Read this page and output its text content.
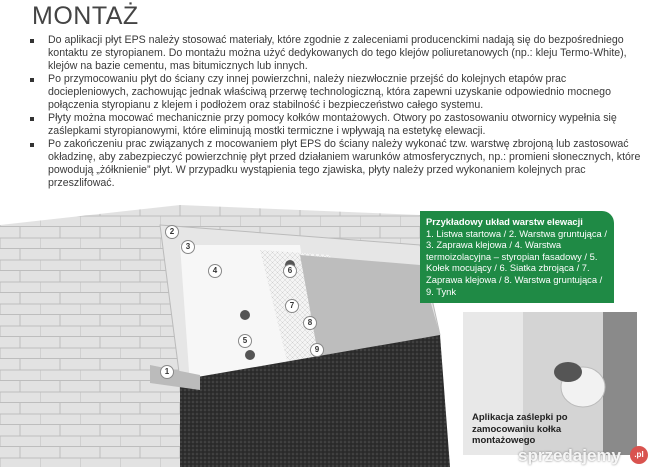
MONTAŻ
Do aplikacji płyt EPS należy stosować materiały, które zgodnie z zaleceniami producenckimi nadają się do bezpośredniego kontaktu ze styropianem. Do montażu można użyć dedykowanych do tego klejów poliuretanowych (np.: kleju Termo-White), klejów na bazie cementu, mas bitumicznych lub innych.
Po przymocowaniu płyt do ściany czy innej powierzchni, należy niezwłocznie przejść do kolejnych etapów prac dociepleniowych, zachowując jednak właściwą przerwę technologiczną, która zapewni uzyskanie odpowiednio mocnego połączenia styropianu z klejem i podłożem oraz stabilność i bezpieczeństwo całego systemu.
Płyty można mocować mechanicznie przy pomocy kołków montażowych. Otwory po zastosowaniu otwornicy wypełnia się zaślepkami styropianowymi, które eliminują mostki termiczne i wpływają na estetykę elewacji.
Po zakończeniu prac związanych z mocowaniem płyt EPS do ściany należy wykonać tzw. warstwę zbrojoną lub zastosować okładzinę, aby zabezpieczyć powierzchnię płyt przed działaniem warunków atmosferycznych, np.: promieni słonecznych, które powodują „żółknienie” płyt. W przypadku wystąpienia tego zjawiska, płyty należy przed wykonaniem kolejnych prac przeszlifować.
1
2
3
4
5
6
7
8
9
Przykładowy układ warstw elewacji
1. Listwa startowa / 2. Warstwa gruntująca / 3. Zaprawa klejowa / 4. Warstwa termoizolacyjna – styropian fasadowy / 5. Kołek mocujący / 6. Siatka zbrojąca / 7. Zaprawa klejowa / 8. Warstwa gruntująca / 9. Tynk
Aplikacja zaślepki po zamocowaniu kołka montażowego
sprzedajemy	.pl
